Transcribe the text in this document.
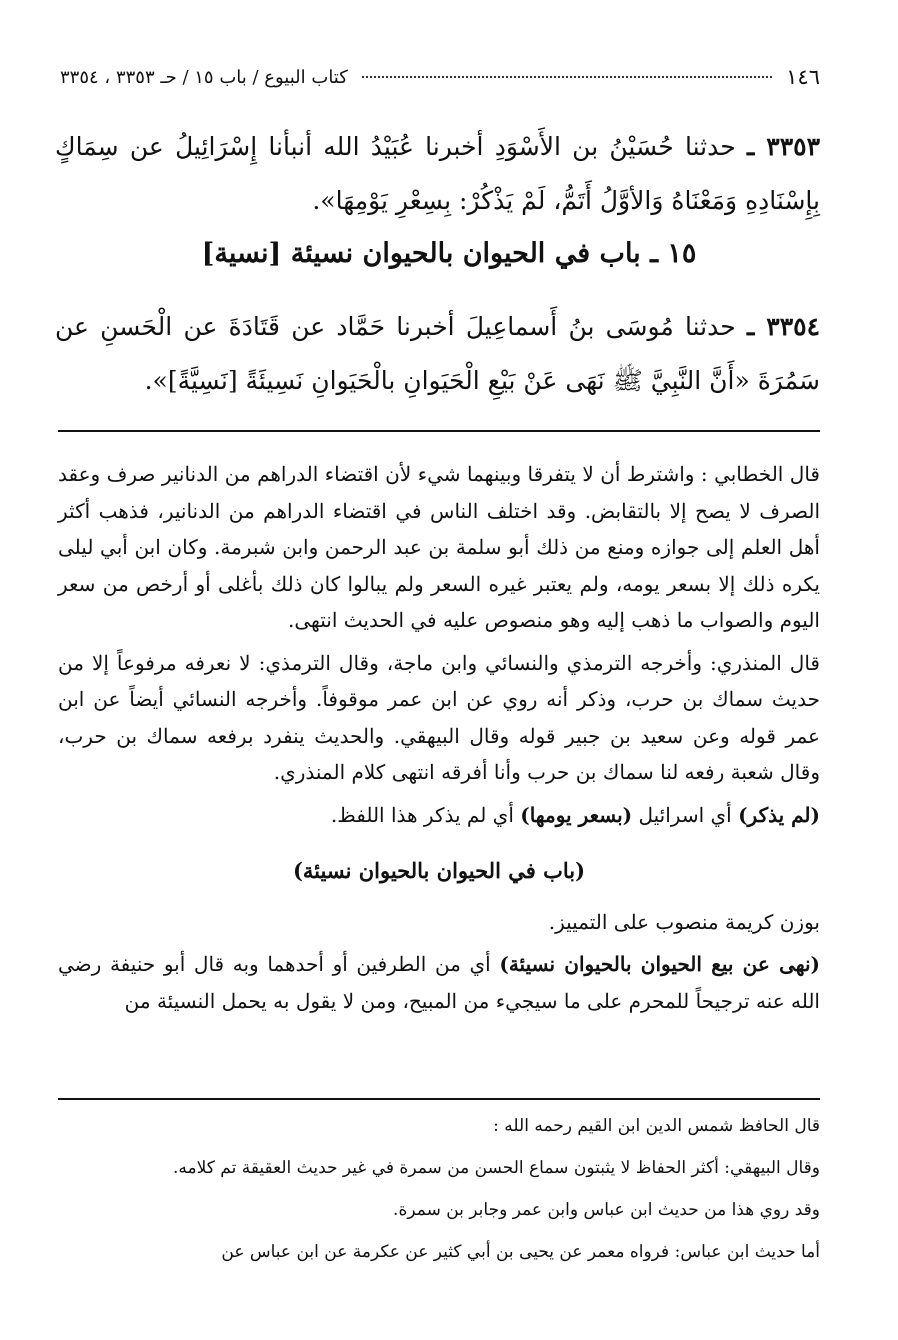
١٤٦
كتاب البيوع / باب ١٥ / حـ ٣٣٥٣ ، ٣٣٥٤
٣٣٥٣ ـ حدثنا حُسَيْنُ بن الأَسْوَدِ أخبرنا عُبَيْدُ الله أنبأنا إِسْرَائِيلُ عن سِمَاكٍ بِإِسْنَادِهِ وَمَعْنَاهُ وَالأوَّلُ أَتَمُّ، لَمْ يَذْكُرْ: بِسِعْرِ يَوْمِهَا».
١٥ ـ باب في الحيوان بالحيوان نسيئة [نسية]
٣٣٥٤ ـ حدثنا مُوسَى بنُ أَسماعِيلَ أخبرنا حَمَّاد عن قَتَادَةَ عن الْحَسنِ عن سَمُرَةَ «أَنَّ النَّبِيَّ ﷺ نَهَى عَنْ بَيْعِ الْحَيَوانِ بالْحَيَوانِ نَسِيئَةً [نَسِيَّةً]».

قال الخطابي : واشترط أن لا يتفرقا وبينهما شيء لأن اقتضاء الدراهم من الدنانير صرف وعقد الصرف لا يصح إلا بالتقابض. وقد اختلف الناس في اقتضاء الدراهم من الدنانير، فذهب أكثر أهل العلم إلى جوازه ومنع من ذلك أبو سلمة بن عبد الرحمن وابن شبرمة. وكان ابن أبي ليلى يكره ذلك إلا بسعر يومه، ولم يعتبر غيره السعر ولم يبالوا كان ذلك بأغلى أو أرخص من سعر اليوم والصواب ما ذهب إليه وهو منصوص عليه في الحديث انتهى.

قال المنذري: وأخرجه الترمذي والنسائي وابن ماجة، وقال الترمذي: لا نعرفه مرفوعاً إلا من حديث سماك بن حرب، وذكر أنه روي عن ابن عمر موقوفاً. وأخرجه النسائي أيضاً عن ابن عمر قوله وعن سعيد بن جبير قوله وقال البيهقي. والحديث ينفرد برفعه سماك بن حرب، وقال شعبة رفعه لنا سماك بن حرب وأنا أفرقه انتهى كلام المنذري.

(لم يذكر) أي اسرائيل (بسعر يومها) أي لم يذكر هذا اللفظ.

(باب في الحيوان بالحيوان نسيئة)

بوزن كريمة منصوب على التمييز.

(نهى عن بيع الحيوان بالحيوان نسيئة) أي من الطرفين أو أحدهما وبه قال أبو حنيفة رضي الله عنه ترجيحاً للمحرم على ما سيجيء من المبيح، ومن لا يقول به يحمل النسيئة من

قال الحافظ شمس الدين ابن القيم رحمه الله :

وقال البيهقي: أكثر الحفاظ لا يثبتون سماع الحسن من سمرة في غير حديث العقيقة تم كلامه.

وقد روي هذا من حديث ابن عباس وابن عمر وجابر بن سمرة.

أما حديث ابن عباس: فرواه معمر عن يحيى بن أبي كثير عن عكرمة عن ابن عباس عن
